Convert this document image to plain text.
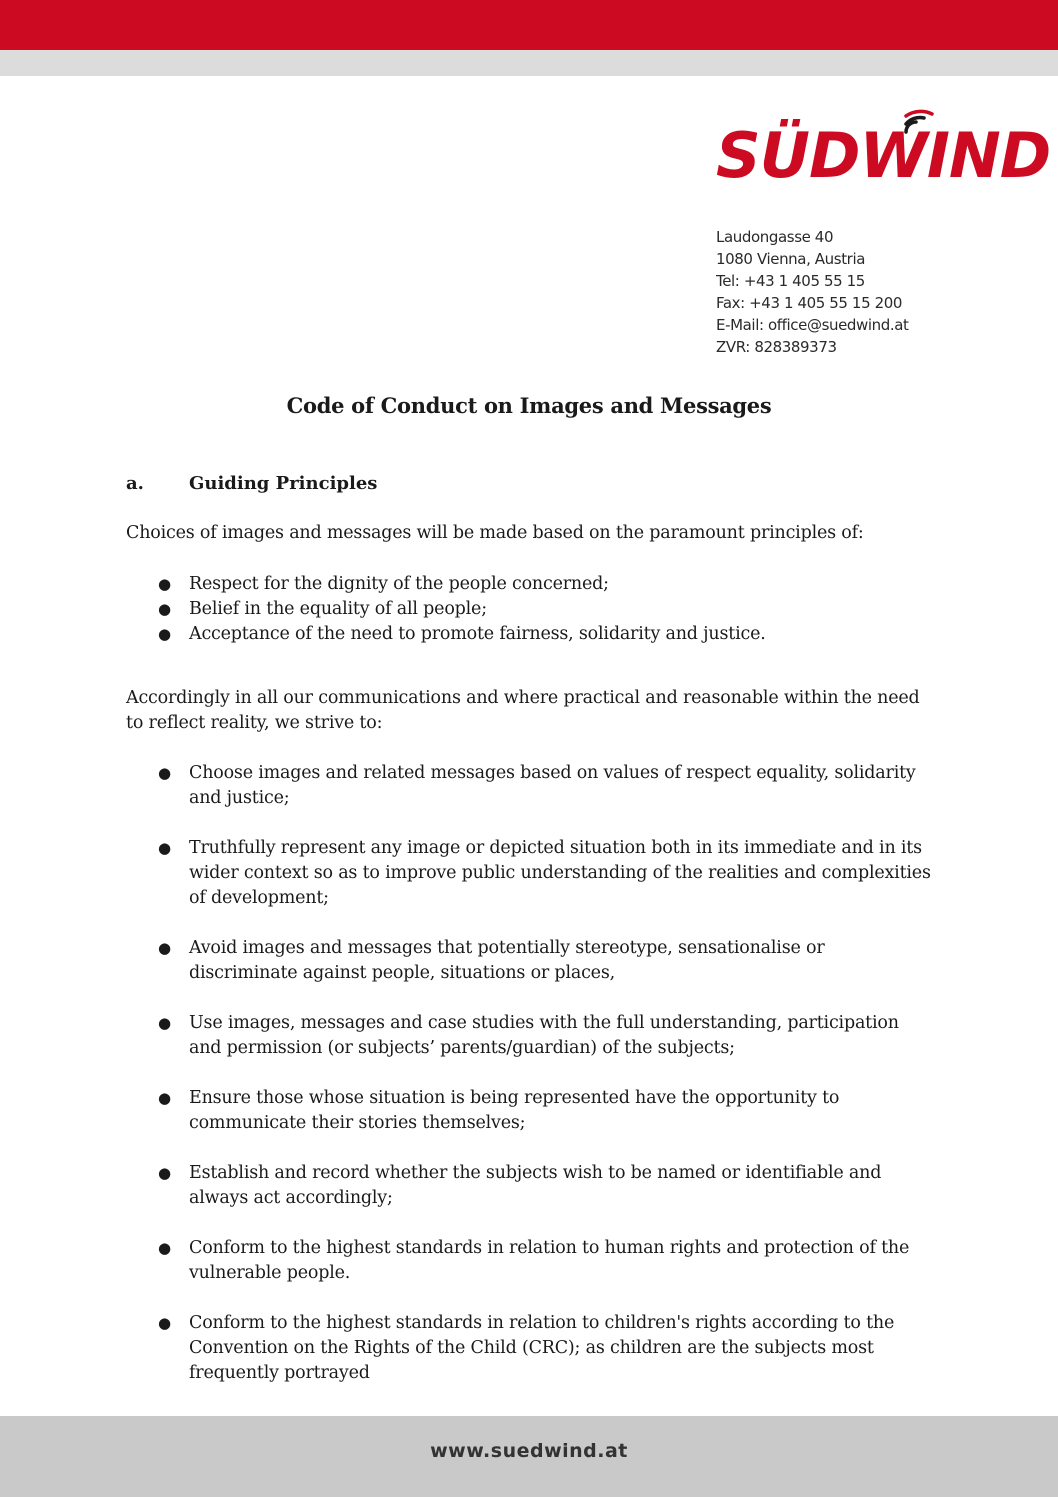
SÜDWIND
Laudongasse 40
1080 Vienna, Austria
Tel: +43 1 405 55 15
Fax: +43 1 405 55 15 200
E-Mail: office@suedwind.at
ZVR: 828389373
Code of Conduct on Images and Messages
a.	Guiding Principles

Choices of images and messages will be made based on the paramount principles of:

● Respect for the dignity of the people concerned;
● Belief in the equality of all people;
● Acceptance of the need to promote fairness, solidarity and justice.

Accordingly in all our communications and where practical and reasonable within the need to reflect reality, we strive to:

● Choose images and related messages based on values of respect equality, solidarity and justice;
● Truthfully represent any image or depicted situation both in its immediate and in its wider context so as to improve public understanding of the realities and complexities of development;
● Avoid images and messages that potentially stereotype, sensationalise or discriminate against people, situations or places,
● Use images, messages and case studies with the full understanding, participation and permission (or subjects’ parents/guardian) of the subjects;
● Ensure those whose situation is being represented have the opportunity to communicate their stories themselves;
● Establish and record whether the subjects wish to be named or identifiable and always act accordingly;
● Conform to the highest standards in relation to human rights and protection of the vulnerable people.
● Conform to the highest standards in relation to children's rights according to the Convention on the Rights of the Child (CRC); as children are the subjects most frequently portrayed
www.suedwind.at
